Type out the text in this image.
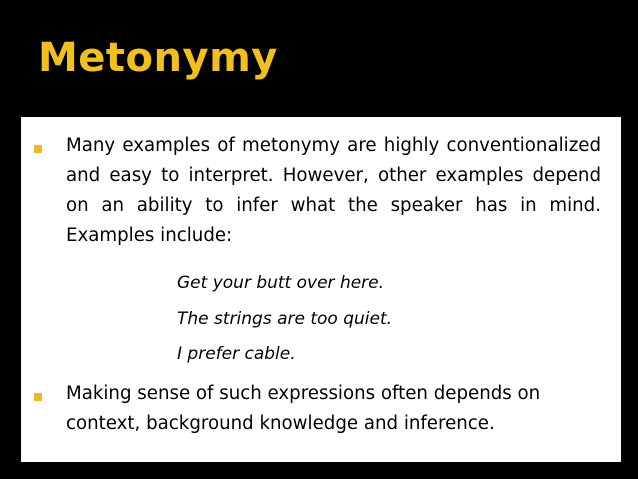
Metonymy

Many examples of metonymy are highly conventionalized and easy to interpret. However, other examples depend on an ability to infer what the speaker has in mind. Examples include:

Get your butt over here.

The strings are too quiet.

I prefer cable.

Making sense of such expressions often depends on context, background knowledge and inference.
